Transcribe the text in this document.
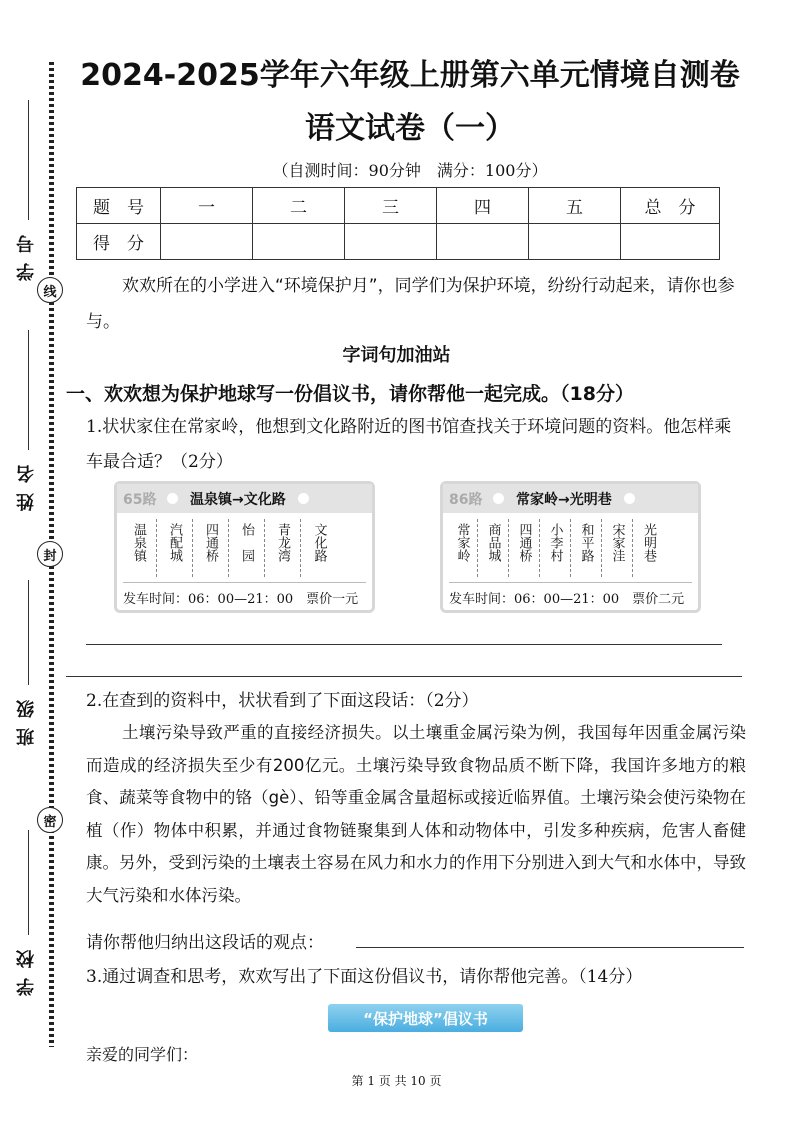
学号
姓名
班级
学校
线
封
密
2024-2025学年六年级上册第六单元情境自测卷
语文试卷（一）
（自测时间：90分钟　满分：100分）
题　号	一	二	三	四	五	总　分
得　分						
欢欢所在的小学进入“环境保护月”，同学们为保护环境，纷纷行动起来，请你也参与。
字词句加油站
一、欢欢想为保护地球写一份倡议书，请你帮他一起完成。（18分）
1.状状家住在常家岭，他想到文化路附近的图书馆查找关于环境问题的资料。他怎样乘车最合适？（2分）
65路	温泉镇→文化路
温泉镇	汽配城	四通桥	怡　园	青龙湾	文化路
发车时间：06：00—21：00　票价一元
86路	常家岭→光明巷
常家岭	商品城	四通桥	小李村	和平路	宋家洼	光明巷
发车时间：06：00—21：00　票价二元
2.在查到的资料中，状状看到了下面这段话：（2分）
土壤污染导致严重的直接经济损失。以土壤重金属污染为例，我国每年因重金属污染而造成的经济损失至少有200亿元。土壤污染导致食物品质不断下降，我国许多地方的粮食、蔬菜等食物中的铬（gè）、铅等重金属含量超标或接近临界值。土壤污染会使污染物在植（作）物体中积累，并通过食物链聚集到人体和动物体中，引发多种疾病，危害人畜健康。另外，受到污染的土壤表土容易在风力和水力的作用下分别进入到大气和水体中，导致大气污染和水体污染。
请你帮他归纳出这段话的观点：
3.通过调查和思考，欢欢写出了下面这份倡议书，请你帮他完善。（14分）
“保护地球”倡议书
亲爱的同学们：
第 1 页 共 10 页
